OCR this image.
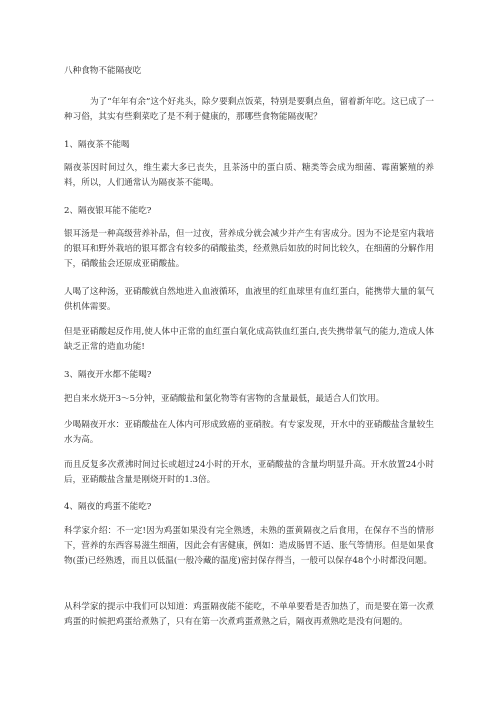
八种食物不能隔夜吃

为了“年年有余”这个好兆头，除夕要剩点饭菜，特别是要剩点鱼，留着新年吃。这已成了一种习俗，其实有些剩菜吃了是不利于健康的，那哪些食物能隔夜呢？

1、隔夜茶不能喝

隔夜茶因时间过久，维生素大多已丧失，且茶汤中的蛋白质、糖类等会成为细菌、霉菌繁殖的养料，所以，人们通常认为隔夜茶不能喝。

2、隔夜银耳能不能吃?

银耳汤是一种高级营养补品，但一过夜，营养成分就会减少并产生有害成分。因为不论是室内栽培的银耳和野外栽培的银耳都含有较多的硝酸盐类，经煮熟后如放的时间比较久，在细菌的分解作用下，硝酸盐会还原成亚硝酸盐。

人喝了这种汤，亚硝酸就自然地进入血液循环，血液里的红血球里有血红蛋白，能携带大量的氧气供机体需要。

但是亚硝酸起反作用,使人体中正常的血红蛋白氧化成高铁血红蛋白,丧失携带氧气的能力,造成人体缺乏正常的造血功能!

3、隔夜开水都不能喝?

把自来水烧开3～5分钟，亚硝酸盐和氯化物等有害物的含量最低，最适合人们饮用。

少喝隔夜开水：亚硝酸盐在人体内可形成致癌的亚硝胺。有专家发现，开水中的亚硝酸盐含量较生水为高。

而且反复多次煮沸时间过长或超过24小时的开水，亚硝酸盐的含量均明显升高。开水放置24小时后，亚硝酸盐含量是刚烧开时的1.3倍。

4、隔夜的鸡蛋不能吃?

科学家介绍：不一定!因为鸡蛋如果没有完全熟透，未熟的蛋黄隔夜之后食用，在保存不当的情形下，营养的东西容易滋生细菌，因此会有害健康，例如：造成肠胃不适、胀气等情形。但是如果食物(蛋)已经熟透，而且以低温(一般冷藏的温度)密封保存得当，一般可以保存48个小时都没问题。

从科学家的提示中我们可以知道：鸡蛋隔夜能不能吃，不单单要看是否加热了，而是要在第一次煮鸡蛋的时候把鸡蛋给煮熟了，只有在第一次煮鸡蛋煮熟之后，隔夜再煮熟吃是没有问题的。
